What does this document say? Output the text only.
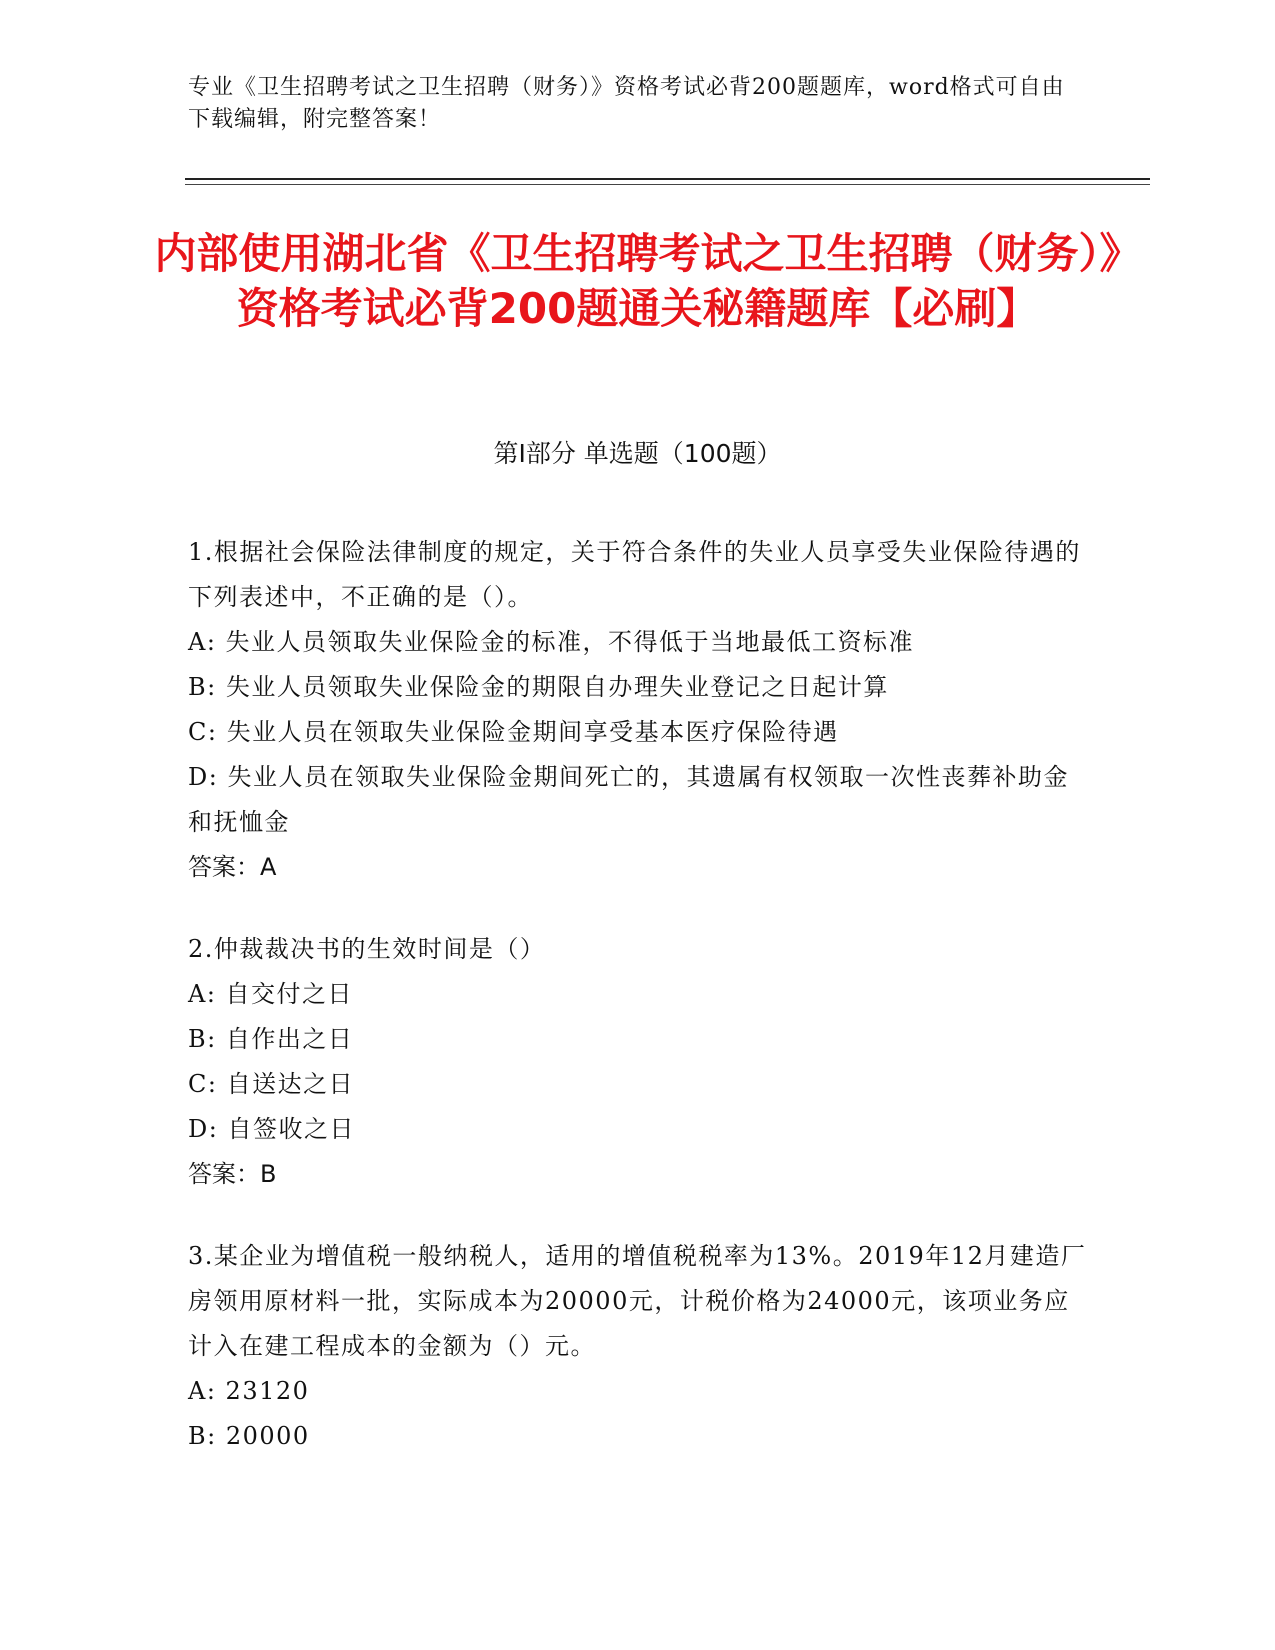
专业《卫生招聘考试之卫生招聘（财务）》资格考试必背200题题库，word格式可自由下载编辑，附完整答案！
内部使用湖北省《卫生招聘考试之卫生招聘（财务）》资格考试必背200题通关秘籍题库【必刷】
第I部分 单选题（100题）
1.根据社会保险法律制度的规定，关于符合条件的失业人员享受失业保险待遇的下列表述中，不正确的是（）。
A: 失业人员领取失业保险金的标准，不得低于当地最低工资标准
B: 失业人员领取失业保险金的期限自办理失业登记之日起计算
C: 失业人员在领取失业保险金期间享受基本医疗保险待遇
D: 失业人员在领取失业保险金期间死亡的，其遗属有权领取一次性丧葬补助金和抚恤金
答案：A
2.仲裁裁决书的生效时间是（）
A: 自交付之日
B: 自作出之日
C: 自送达之日
D: 自签收之日
答案：B
3.某企业为增值税一般纳税人，适用的增值税税率为13%。2019年12月建造厂房领用原材料一批，实际成本为20000元，计税价格为24000元，该项业务应计入在建工程成本的金额为（）元。
A: 23120
B: 20000
